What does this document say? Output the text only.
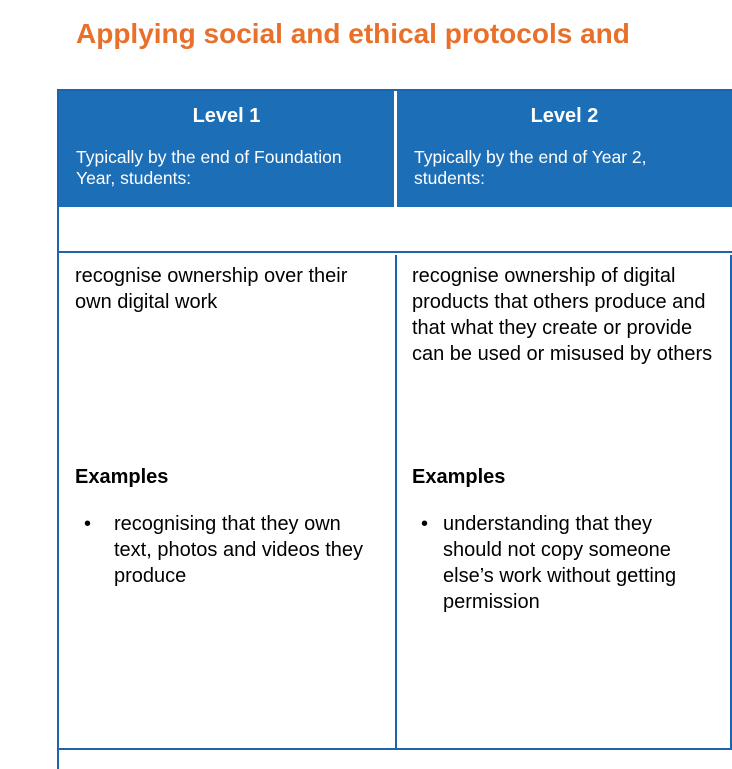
Applying social and ethical protocols and
Level 1
Typically by the end of Foundation Year, students:
Level 2
Typically by the end of Year 2, students:
recognise ownership over their own digital work
Examples
• recognising that they own text, photos and videos they produce
recognise ownership of digital products that others produce and that what they create or provide can be used or misused by others
Examples
• understanding that they should not copy someone else’s work without getting permission
